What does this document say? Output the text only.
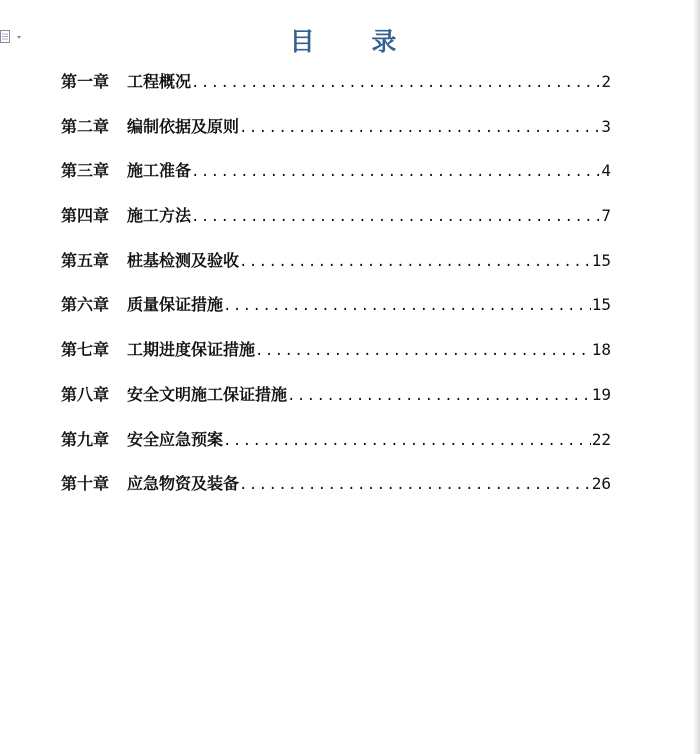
目 录
第一章	工程概况 .....	2
第二章	编制依据及原则 .....	3
第三章	施工准备 .....	4
第四章	施工方法 .....	7
第五章	桩基检测及验收 .....	15
第六章	质量保证措施 .....	15
第七章	工期进度保证措施 .....	18
第八章	安全文明施工保证措施 .....	19
第九章	安全应急预案 .....	22
第十章	应急物资及装备 .....	26
